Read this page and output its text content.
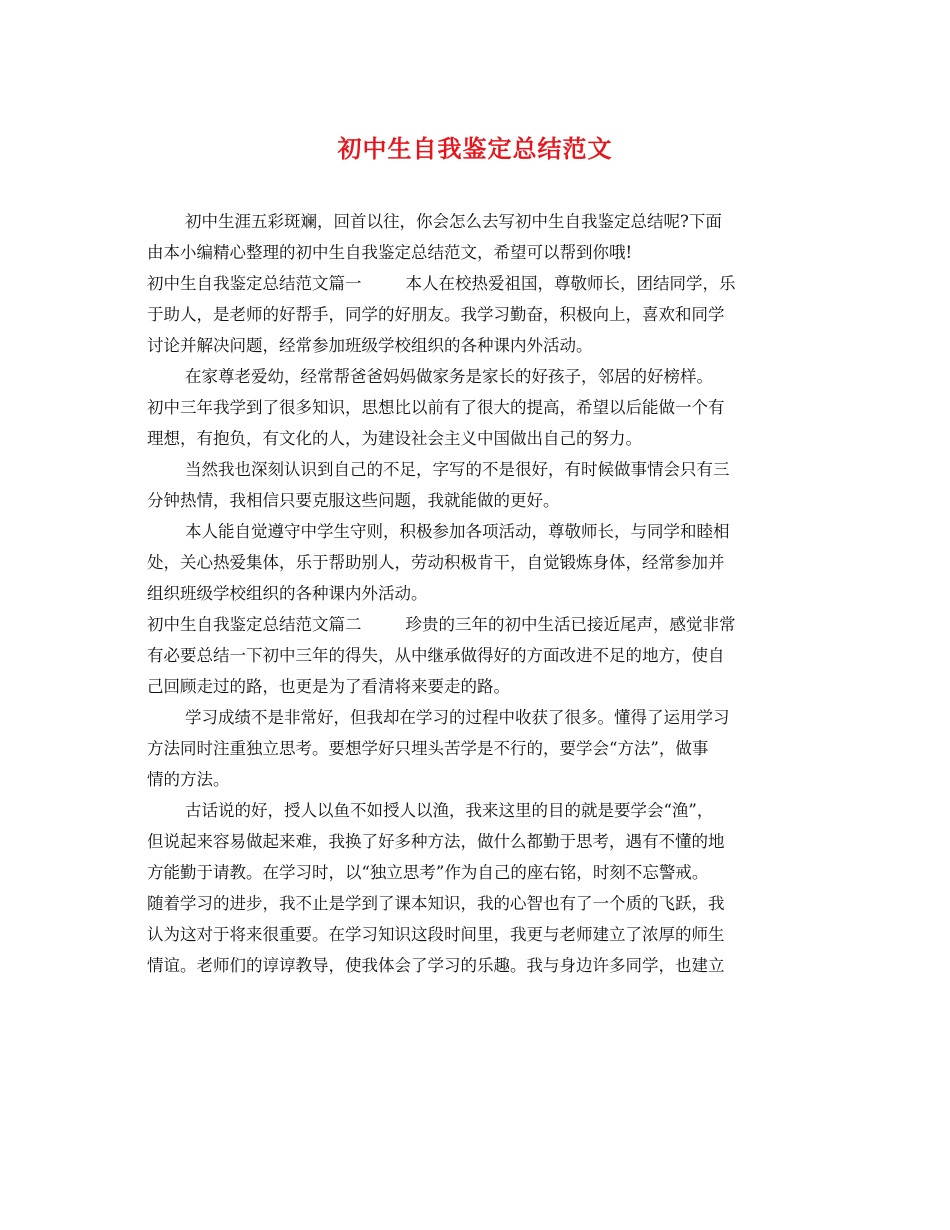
初中生自我鉴定总结范文
初中生涯五彩斑斓，回首以往，你会怎么去写初中生自我鉴定总结呢?下面
由本小编精心整理的初中生自我鉴定总结范文，希望可以帮到你哦!
初中生自我鉴定总结范文篇一	本人在校热爱祖国，尊敬师长，团结同学，乐
于助人，是老师的好帮手，同学的好朋友。我学习勤奋，积极向上，喜欢和同学
讨论并解决问题，经常参加班级学校组织的各种课内外活动。
在家尊老爱幼，经常帮爸爸妈妈做家务是家长的好孩子，邻居的好榜样。
初中三年我学到了很多知识，思想比以前有了很大的提高，希望以后能做一个有
理想，有抱负，有文化的人，为建设社会主义中国做出自己的努力。
当然我也深刻认识到自己的不足，字写的不是很好，有时候做事情会只有三
分钟热情，我相信只要克服这些问题，我就能做的更好。
本人能自觉遵守中学生守则，积极参加各项活动，尊敬师长，与同学和睦相
处，关心热爱集体，乐于帮助别人，劳动积极肯干，自觉锻炼身体，经常参加并
组织班级学校组织的各种课内外活动。
初中生自我鉴定总结范文篇二	珍贵的三年的初中生活已接近尾声，感觉非常
有必要总结一下初中三年的得失，从中继承做得好的方面改进不足的地方，使自
己回顾走过的路，也更是为了看清将来要走的路。
学习成绩不是非常好，但我却在学习的过程中收获了很多。懂得了运用学习
方法同时注重独立思考。要想学好只埋头苦学是不行的，要学会“方法”，做事
情的方法。
古话说的好，授人以鱼不如授人以渔，我来这里的目的就是要学会“渔”，
但说起来容易做起来难，我换了好多种方法，做什么都勤于思考，遇有不懂的地
方能勤于请教。在学习时，以“独立思考”作为自己的座右铭，时刻不忘警戒。
随着学习的进步，我不止是学到了课本知识，我的心智也有了一个质的飞跃，我
认为这对于将来很重要。在学习知识这段时间里，我更与老师建立了浓厚的师生
情谊。老师们的谆谆教导，使我体会了学习的乐趣。我与身边许多同学，也建立
